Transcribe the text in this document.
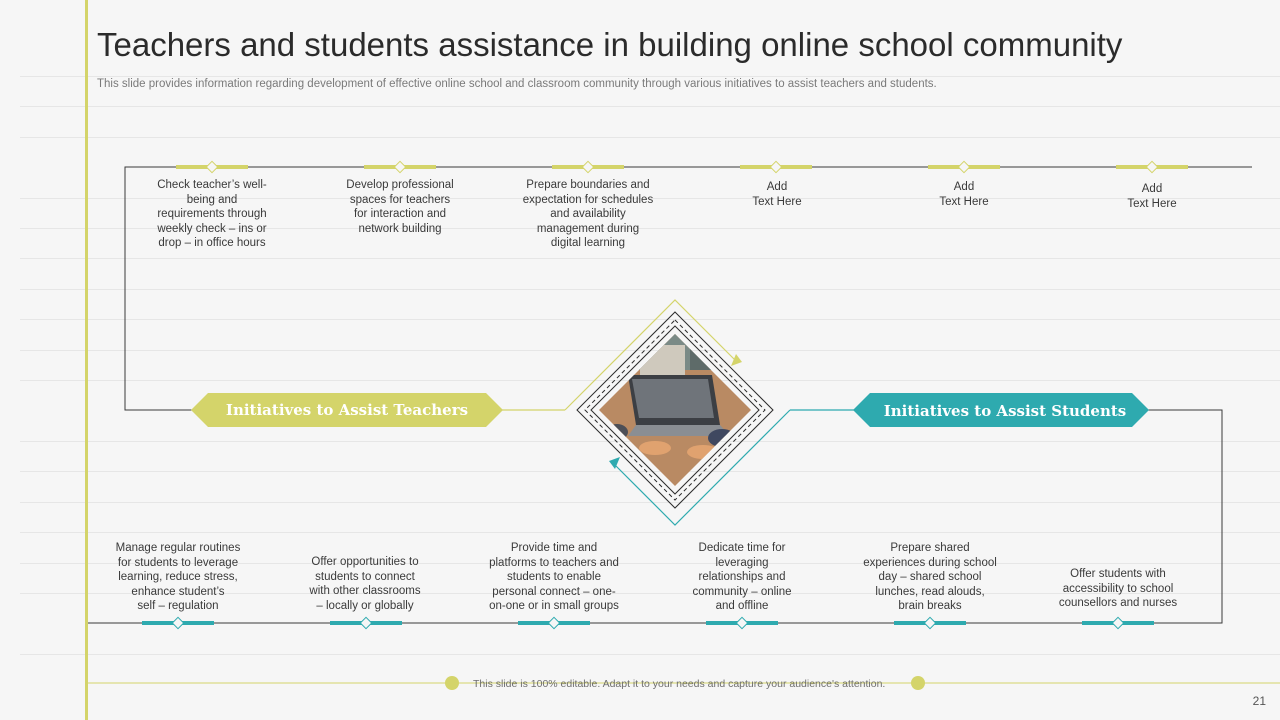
Teachers and students assistance in building online school community
This slide provides information regarding development of effective online school and classroom community through various initiatives to assist teachers and students.
Initiatives to Assist Teachers	Initiatives to Assist Students
Check teacher’s well-
being and
requirements through
weekly check – ins or
drop – in office hours
Develop professional
spaces for teachers
for interaction and
network building
Prepare boundaries and
expectation for schedules
and availability
management during
digital learning
Add
Text Here
Add
Text Here
Add
Text Here
Manage regular routines
for students to leverage
learning, reduce stress,
enhance student’s
self – regulation
Offer opportunities to
students to connect
with other classrooms
– locally or globally
Provide time and
platforms to teachers and
students to enable
personal connect – one-
on-one or in small groups
Dedicate time for
leveraging
relationships and
community – online
and offline
Prepare shared
experiences during school
day – shared school
lunches, read alouds,
brain breaks
Offer students with
accessibility to school
counsellors and nurses
This slide is 100% editable. Adapt it to your needs and capture your audience's attention.
21
